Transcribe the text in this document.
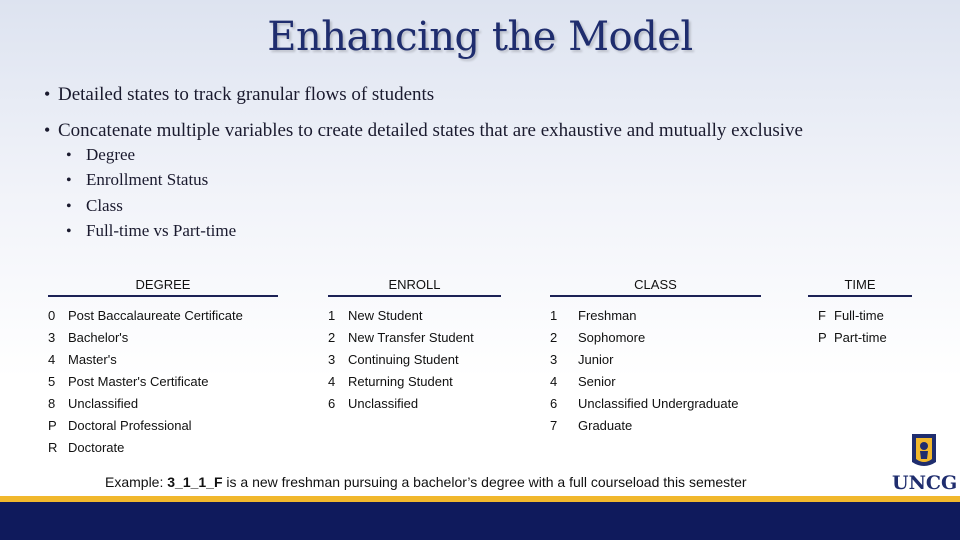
Enhancing the Model
• Detailed states to track granular flows of students
• Concatenate multiple variables to create detailed states that are exhaustive and mutually exclusive
• Degree
• Enrollment Status
• Class
• Full-time vs Part-time
DEGREE
0 Post Baccalaureate Certificate
3 Bachelor's
4 Master's
5 Post Master's Certificate
8 Unclassified
P Doctoral Professional
R Doctorate
ENROLL
1 New Student
2 New Transfer Student
3 Continuing Student
4 Returning Student
6 Unclassified
CLASS
1 Freshman
2 Sophomore
3 Junior
4 Senior
6 Unclassified Undergraduate
7 Graduate
TIME
F Full-time
P Part-time
Example: 3_1_1_F is a new freshman pursuing a bachelor’s degree with a full courseload this semester	UNCG
